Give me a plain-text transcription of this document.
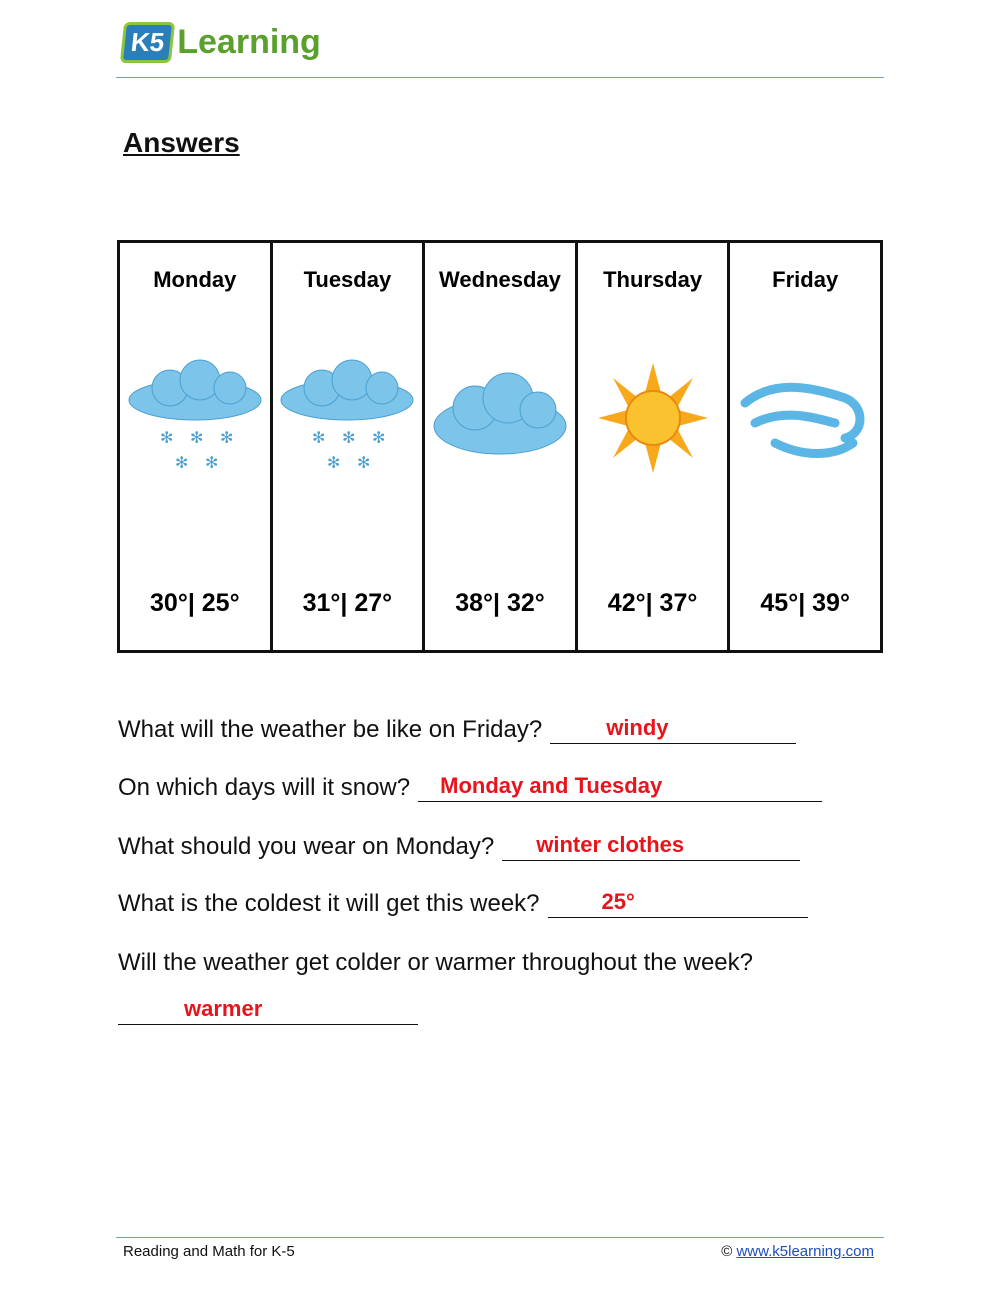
K5 Learning
Answers
Monday
✻ ✻ ✻
✻ ✻
30°| 25°
Tuesday
✻ ✻ ✻
✻ ✻
31°| 27°
Wednesday
38°| 32°
Thursday
42°| 37°
Friday
45°| 39°
What will the weather be like on Friday?	windy
On which days will it snow? Monday and Tuesday
What should you wear on Monday? winter clothes
What is the coldest it will get this week?	25°
Will the weather get colder or warmer throughout the week?
warmer
Reading and Math for K-5	© www.k5learning.com
